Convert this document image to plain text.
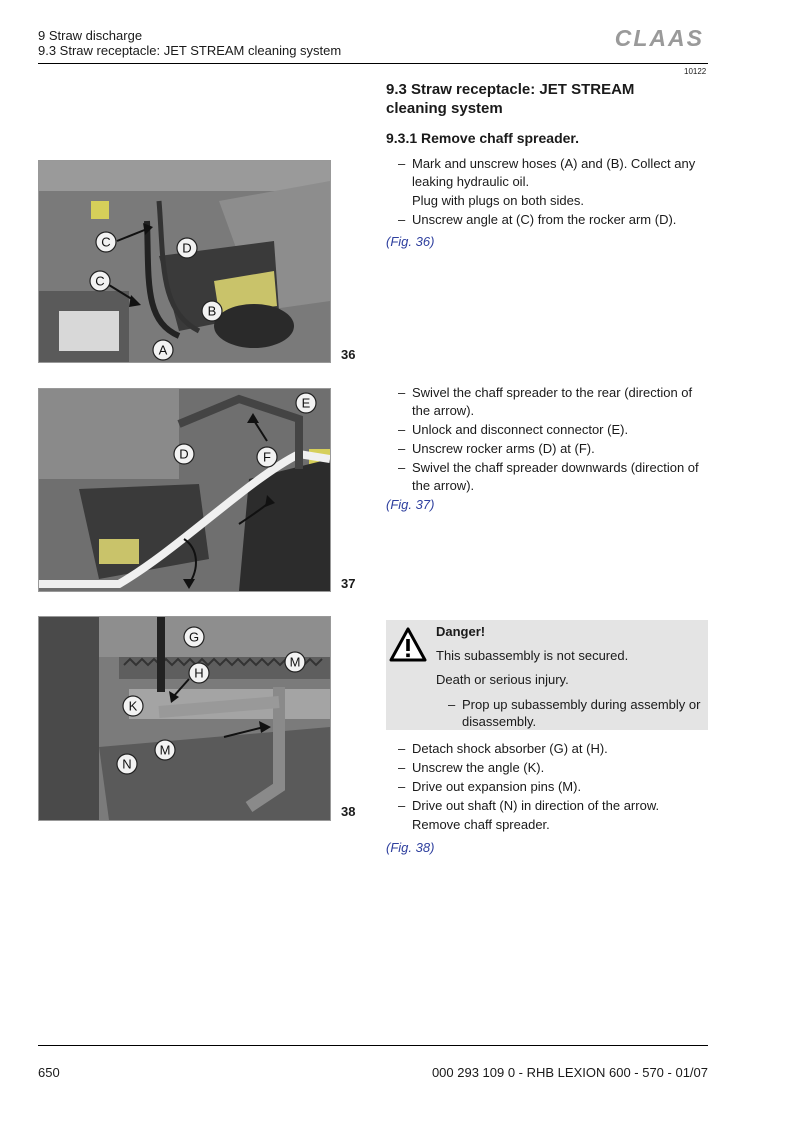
9 Straw discharge
9.3 Straw receptacle: JET STREAM cleaning system	CLAAS
10122
9.3 Straw receptacle: JET STREAM cleaning system
9.3.1 Remove chaff spreader.
– Mark and unscrew hoses (A) and (B). Collect any leaking hydraulic oil.
Plug with plugs on both sides.
– Unscrew angle at (C) from the rocker arm (D).
(Fig. 36)
C	D
C
B
A	36
– Swivel the chaff spreader to the rear (direction of the arrow).
– Unlock and disconnect connector (E).
– Unscrew rocker arms (D) at (F).
– Swivel the chaff spreader downwards (direction of the arrow).
(Fig. 37)
E
D	F
37
Danger!
This subassembly is not secured.
Death or serious injury.
– Prop up subassembly during assembly or disassembly.
– Detach shock absorber (G) at (H).
– Unscrew the angle (K).
– Drive out expansion pins (M).
– Drive out shaft (N) in direction of the arrow.
Remove chaff spreader.
(Fig. 38)
G
H
M
K
M
N
38
650	000 293 109 0 - RHB LEXION 600 - 570 - 01/07
